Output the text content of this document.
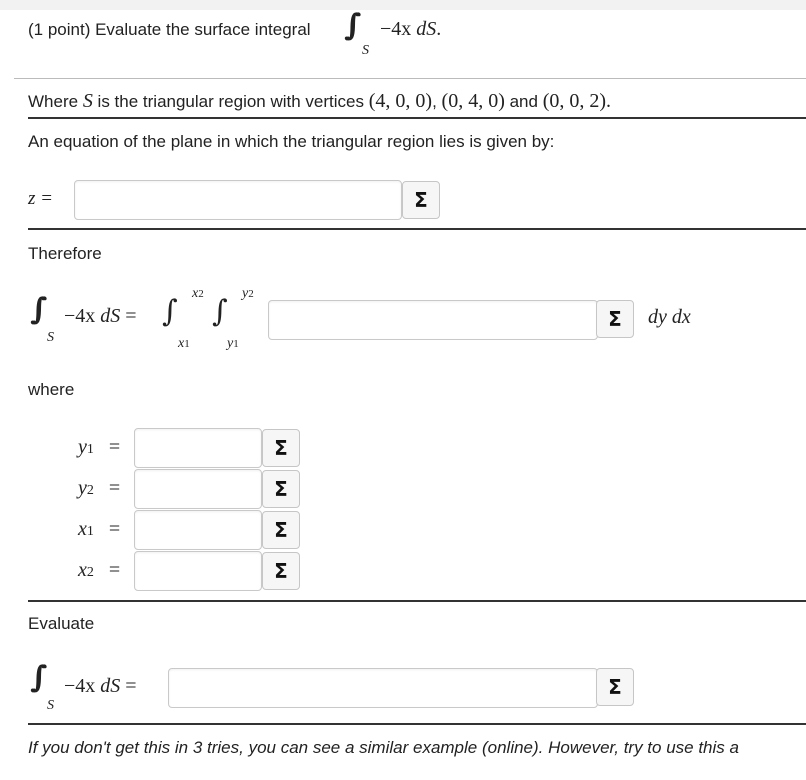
(1 point) Evaluate the surface integral ∫∫
S
−4x dS.
Where S is the triangular region with vertices (4, 0, 0), (0, 4, 0) and (0, 0, 2).
An equation of the plane in which the triangular region lies is given by:
z =	Σ
Therefore
∫∫
S
−4x dS = ∫
x2
x1
∫
y2
y1
Σ	dy dx
where
y1 =	Σ
y2 =	Σ
x1 =	Σ
x2 =	Σ
Evaluate
∫∫
S
−4x dS =	Σ
If you don't get this in 3 tries, you can see a similar example (online). However, try to use this a
